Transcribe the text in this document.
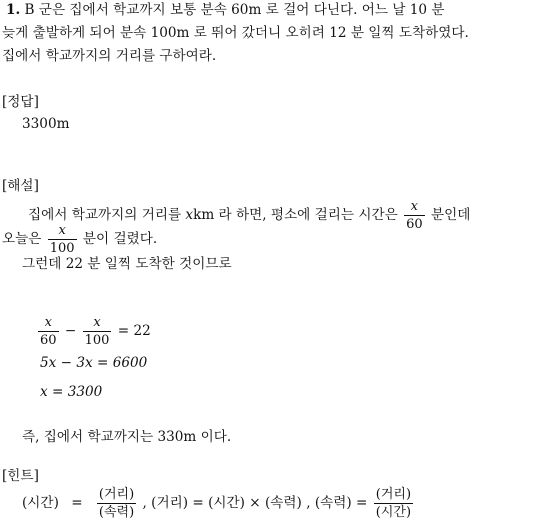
1. B 군은 집에서 학교까지 보통 분속 60m 로 걸어 다닌다. 어느 날 10 분
늦게 출발하게 되어 분속 100m 로 뛰어 갔더니 오히려 12 분 일찍 도착하였다.
집에서 학교까지의 거리를 구하여라.
[정답]
3300m
[해설]
집에서 학교까지의 거리를 xkm 라 하면, 평소에 걸리는 시간은 $\frac{x}{60}$ 분인데
오늘은 $\frac{x}{100}$ 분이 걸렸다.
그런데 22 분 일찍 도착한 것이므로
$\frac{x}{60} - \frac{x}{100} = 22$
5x − 3x = 6600
x = 3300
즉, 집에서 학교까지는 330m 이다.
[힌트]
(시간) = $\frac{\text{(거리)}}{\text{(속력)}}$ , (거리) = (시간) × (속력) , (속력) = $\frac{\text{(거리)}}{\text{(시간)}}$
